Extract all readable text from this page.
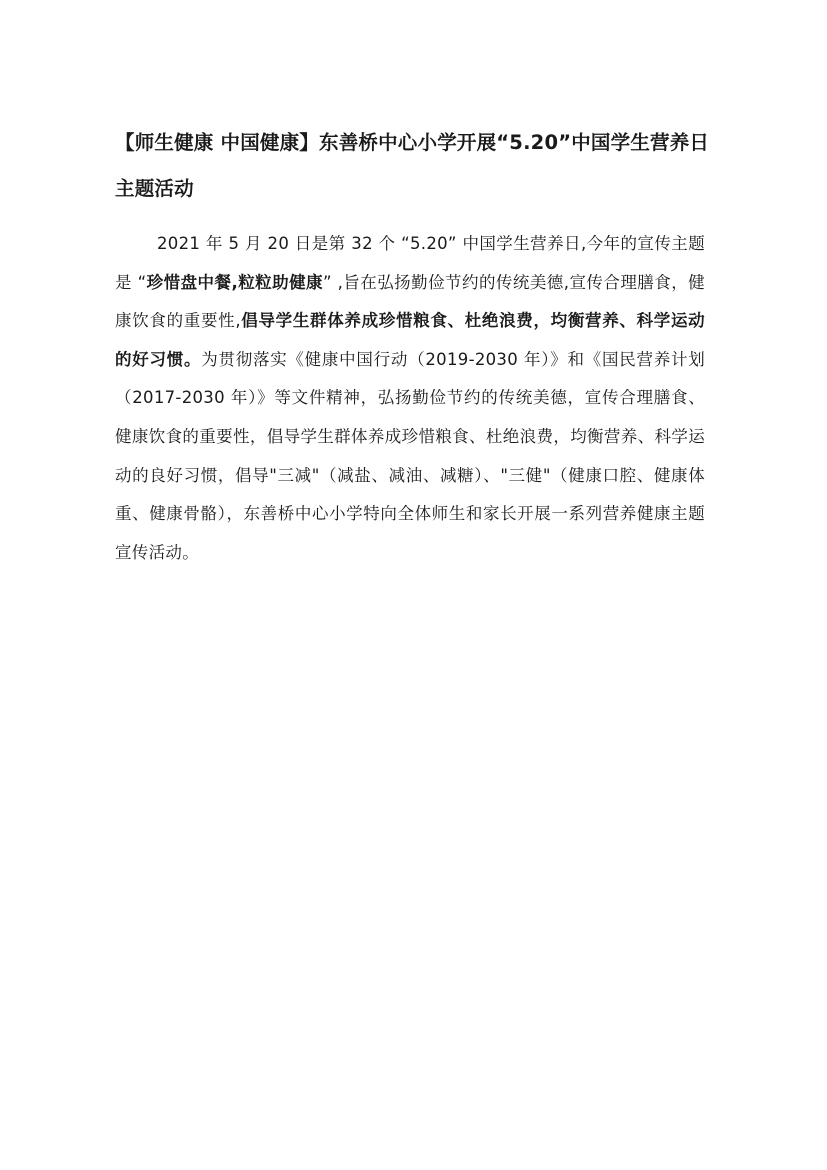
【师生健康 中国健康】东善桥中心小学开展“5.20”中国学生营养日主题活动

2021 年 5 月 20 日是第 32 个 “5.20” 中国学生营养日,今年的宣传主题是 “珍惜盘中餐,粒粒助健康” ,旨在弘扬勤俭节约的传统美德,宣传合理膳食，健康饮食的重要性,倡导学生群体养成珍惜粮食、杜绝浪费，均衡营养、科学运动的好习惯。为贯彻落实《健康中国行动（2019-2030 年）》和《国民营养计划（2017-2030 年）》等文件精神，弘扬勤俭节约的传统美德，宣传合理膳食、健康饮食的重要性，倡导学生群体养成珍惜粮食、杜绝浪费，均衡营养、科学运动的良好习惯，倡导"三减"（减盐、减油、减糖）、"三健"（健康口腔、健康体重、健康骨骼），东善桥中心小学特向全体师生和家长开展一系列营养健康主题宣传活动。
